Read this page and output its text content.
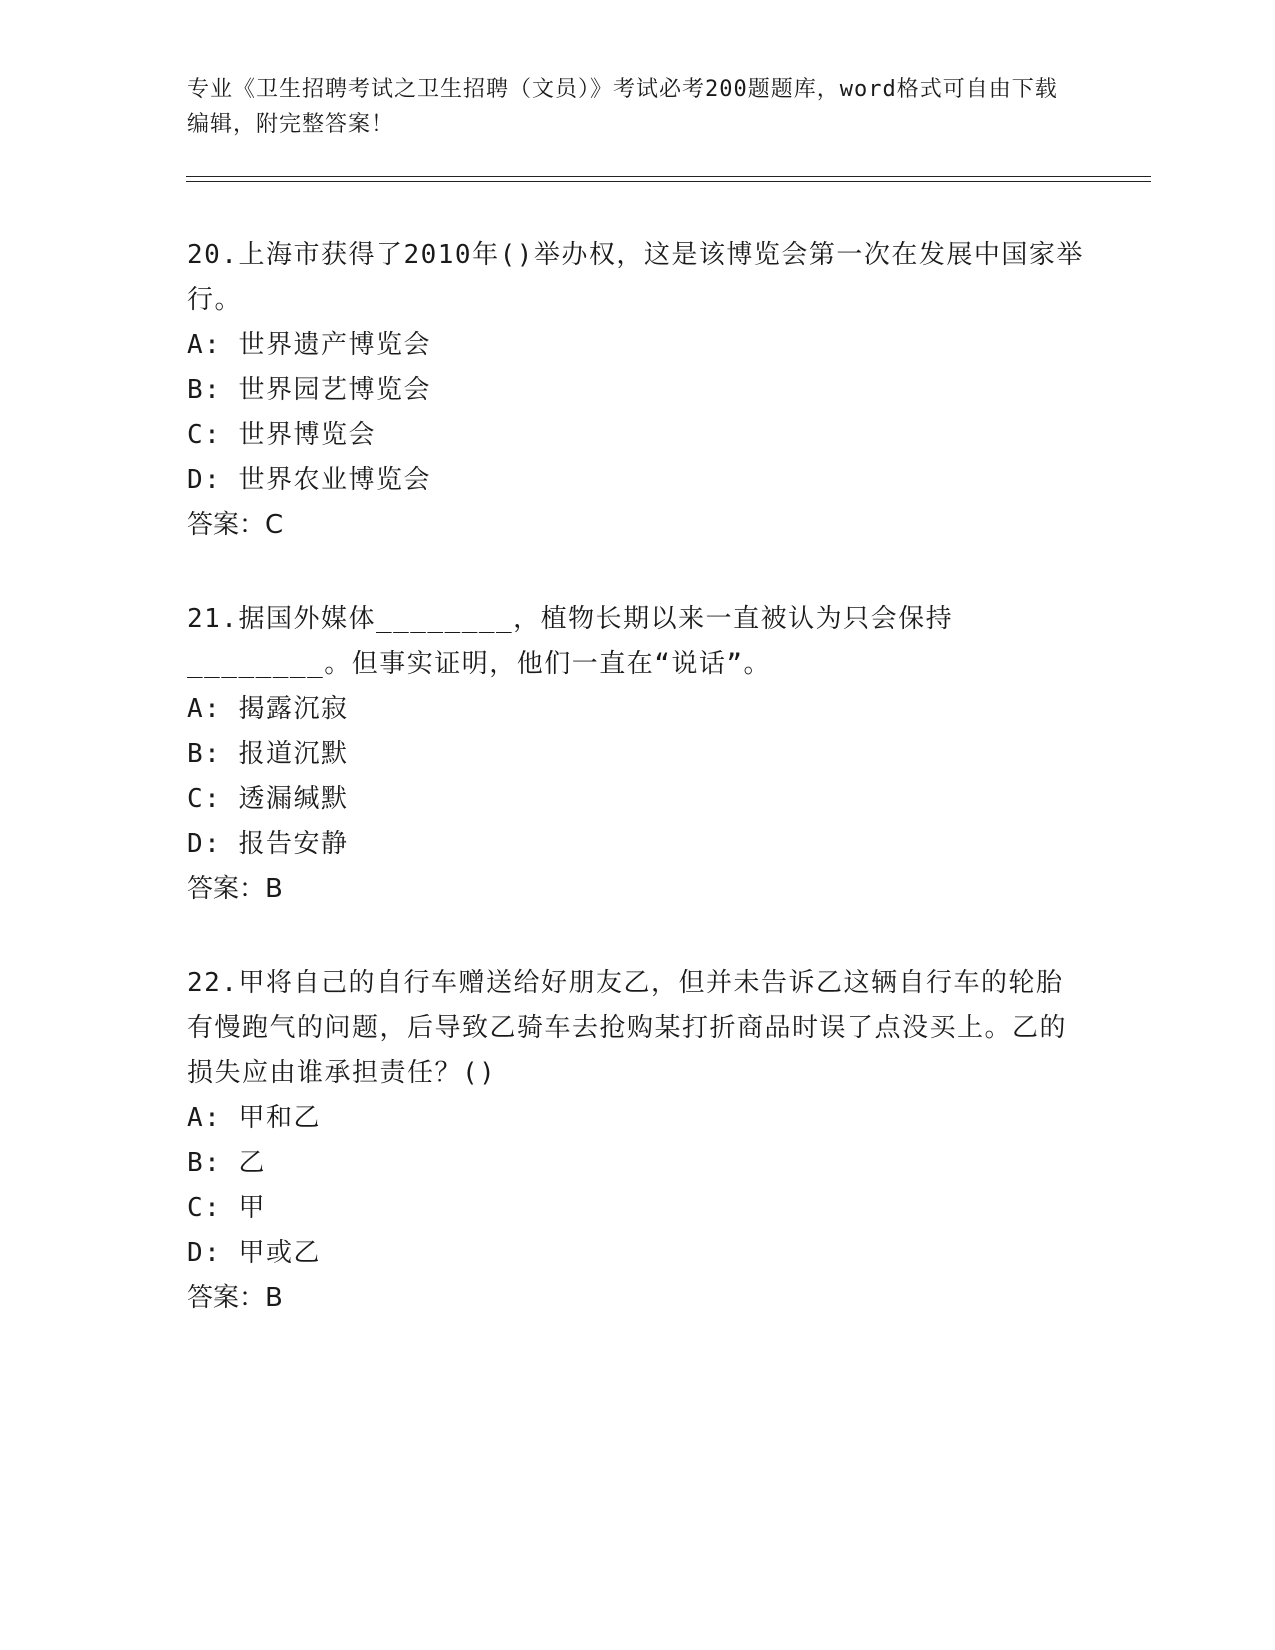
专业《卫生招聘考试之卫生招聘（文员）》考试必考200题题库，word格式可自由下载编辑，附完整答案！

20.上海市获得了2010年()举办权，这是该博览会第一次在发展中国家举行。

A: 世界遗产博览会

B: 世界园艺博览会

C: 世界博览会

D: 世界农业博览会

答案：C

21.据国外媒体________，植物长期以来一直被认为只会保持________。但事实证明，他们一直在“说话”。

A: 揭露沉寂

B: 报道沉默

C: 透漏缄默

D: 报告安静

答案：B

22.甲将自己的自行车赠送给好朋友乙，但并未告诉乙这辆自行车的轮胎有慢跑气的问题，后导致乙骑车去抢购某打折商品时误了点没买上。乙的损失应由谁承担责任？()

A: 甲和乙

B: 乙

C: 甲

D: 甲或乙

答案：B
